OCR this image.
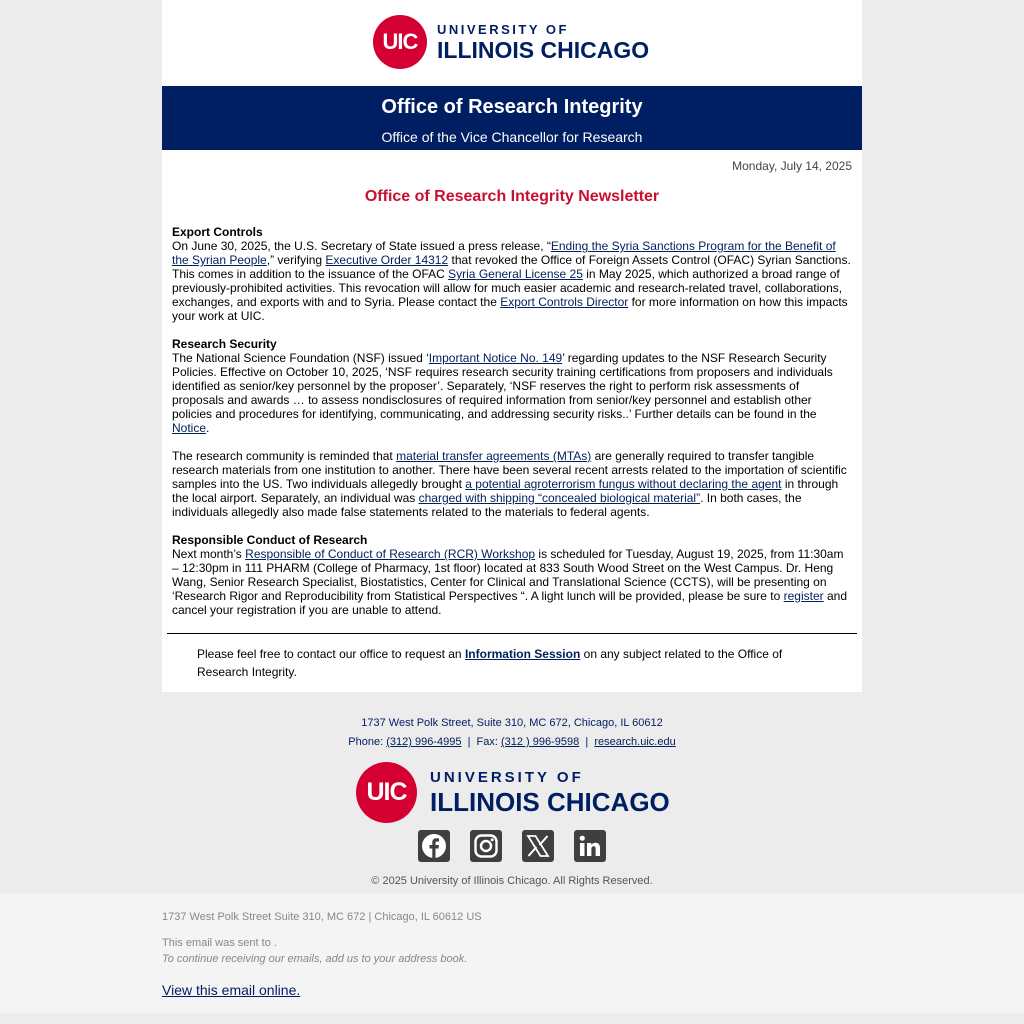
UIC	UNIVERSITY OF
ILLINOIS CHICAGO
Office of Research Integrity
Office of the Vice Chancellor for Research
Monday, July 14, 2025
Office of Research Integrity Newsletter
Export Controls

On June 30, 2025, the U.S. Secretary of State issued a press release, “Ending the Syria Sanctions Program for the Benefit of the Syrian People,” verifying Executive Order 14312 that revoked the Office of Foreign Assets Control (OFAC) Syrian Sanctions. This comes in addition to the issuance of the OFAC Syria General License 25 in May 2025, which authorized a broad range of previously-prohibited activities. This revocation will allow for much easier academic and research-related travel, collaborations, exchanges, and exports with and to Syria. Please contact the Export Controls Director for more information on how this impacts your work at UIC.

Research Security

The National Science Foundation (NSF) issued ‘Important Notice No. 149’ regarding updates to the NSF Research Security Policies. Effective on October 10, 2025, ‘NSF requires research security training certifications from proposers and individuals identified as senior/key personnel by the proposer’. Separately, ‘NSF reserves the right to perform risk assessments of proposals and awards … to assess nondisclosures of required information from senior/key personnel and establish other policies and procedures for identifying, communicating, and addressing security risks..’ Further details can be found in the Notice.

The research community is reminded that material transfer agreements (MTAs) are generally required to transfer tangible research materials from one institution to another. There have been several recent arrests related to the importation of scientific samples into the US. Two individuals allegedly brought a potential agroterrorism fungus without declaring the agent in through the local airport. Separately, an individual was charged with shipping “concealed biological material”. In both cases, the individuals allegedly also made false statements related to the materials to federal agents.

Responsible Conduct of Research

Next month’s Responsible of Conduct of Research (RCR) Workshop is scheduled for Tuesday, August 19, 2025, from 11:30am – 12:30pm in 111 PHARM (College of Pharmacy, 1st floor) located at 833 South Wood Street on the West Campus. Dr. Heng Wang, Senior Research Specialist, Biostatistics, Center for Clinical and Translational Science (CCTS), will be presenting on ‘Research Rigor and Reproducibility from Statistical Perspectives “. A light lunch will be provided, please be sure to register and cancel your registration if you are unable to attend.

Please feel free to contact our office to request an Information Session on any subject related to the Office of Research Integrity.
1737 West Polk Street, Suite 310, MC 672, Chicago, IL 60612
Phone: (312) 996-4995  |  Fax: (312 ) 996-9598  |  research.uic.edu
UIC
UNIVERSITY OF
ILLINOIS CHICAGO
© 2025 University of Illinois Chicago. All Rights Reserved.
1737 West Polk Street Suite 310, MC 672 | Chicago, IL 60612 US
This email was sent to .
To continue receiving our emails, add us to your address book.
View this email online.
